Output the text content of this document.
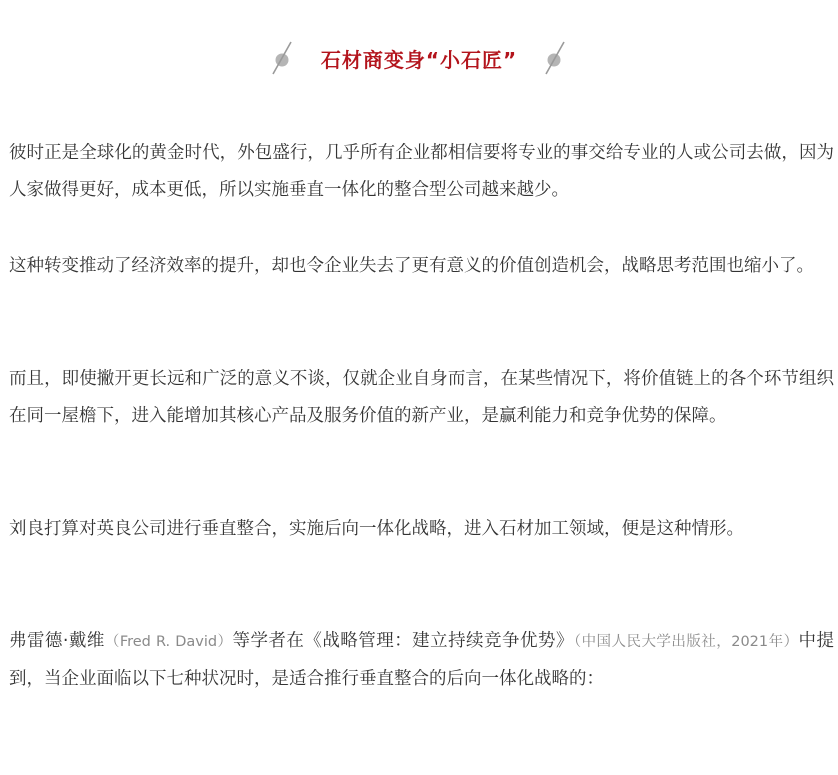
石材商变身“小石匠”

彼时正是全球化的黄金时代，外包盛行，几乎所有企业都相信要将专业的事交给专业的人或公司去做，因为人家做得更好，成本更低，所以实施垂直一体化的整合型公司越来越少。

这种转变推动了经济效率的提升，却也令企业失去了更有意义的价值创造机会，战略思考范围也缩小了。

而且，即使撇开更长远和广泛的意义不谈，仅就企业自身而言，在某些情况下，将价值链上的各个环节组织在同一屋檐下，进入能增加其核心产品及服务价值的新产业，是赢利能力和竞争优势的保障。

刘良打算对英良公司进行垂直整合，实施后向一体化战略，进入石材加工领域，便是这种情形。

弗雷德·戴维（Fred R. David）等学者在《战略管理：建立持续竞争优势》（中国人民大学出版社，2021年）中提到，当企业面临以下七种状况时，是适合推行垂直整合的后向一体化战略的：
